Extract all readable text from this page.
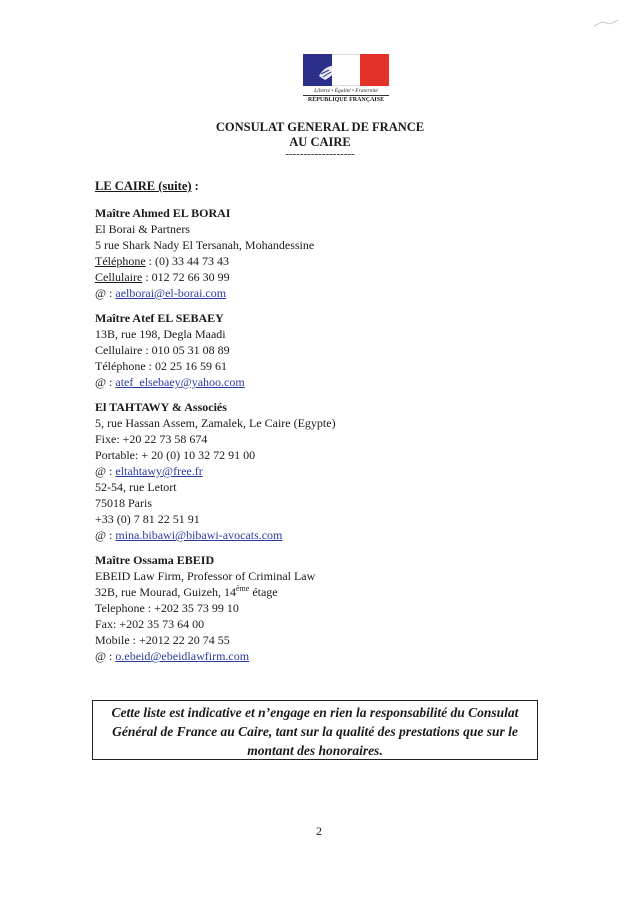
Liberté • Égalité • Fraternité
RÉPUBLIQUE FRANÇAISE
CONSULAT GENERAL DE FRANCE
AU CAIRE
-------------------
LE CAIRE (suite) :
Maître Ahmed EL BORAI
El Borai & Partners
5 rue Shark Nady El Tersanah, Mohandessine
Téléphone : (0) 33 44 73 43
Cellulaire : 012 72 66 30 99
@ : aelborai@el-borai.com
Maître Atef EL SEBAEY
13B, rue 198, Degla Maadi
Cellulaire : 010 05 31 08 89
Téléphone : 02 25 16 59 61
@ : atef_elsebaey@yahoo.com
El TAHTAWY & Associés
5, rue Hassan Assem, Zamalek, Le Caire (Egypte)
Fixe: +20 22 73 58 674
Portable: + 20 (0) 10 32 72 91 00
@ : eltahtawy@free.fr
52-54, rue Letort
75018 Paris
+33 (0) 7 81 22 51 91
@ : mina.bibawi@bibawi-avocats.com
Maître Ossama EBEID
EBEID Law Firm, Professor of Criminal Law
32B, rue Mourad, Guizeh, 14ème étage
Telephone : +202 35 73 99 10
Fax: +202 35 73 64 00
Mobile : +2012 22 20 74 55
@ : o.ebeid@ebeidlawfirm.com
Cette liste est indicative et n’engage en rien la responsabilité du Consulat
Général de France au Caire, tant sur la qualité des prestations que sur le
montant des honoraires.
2
